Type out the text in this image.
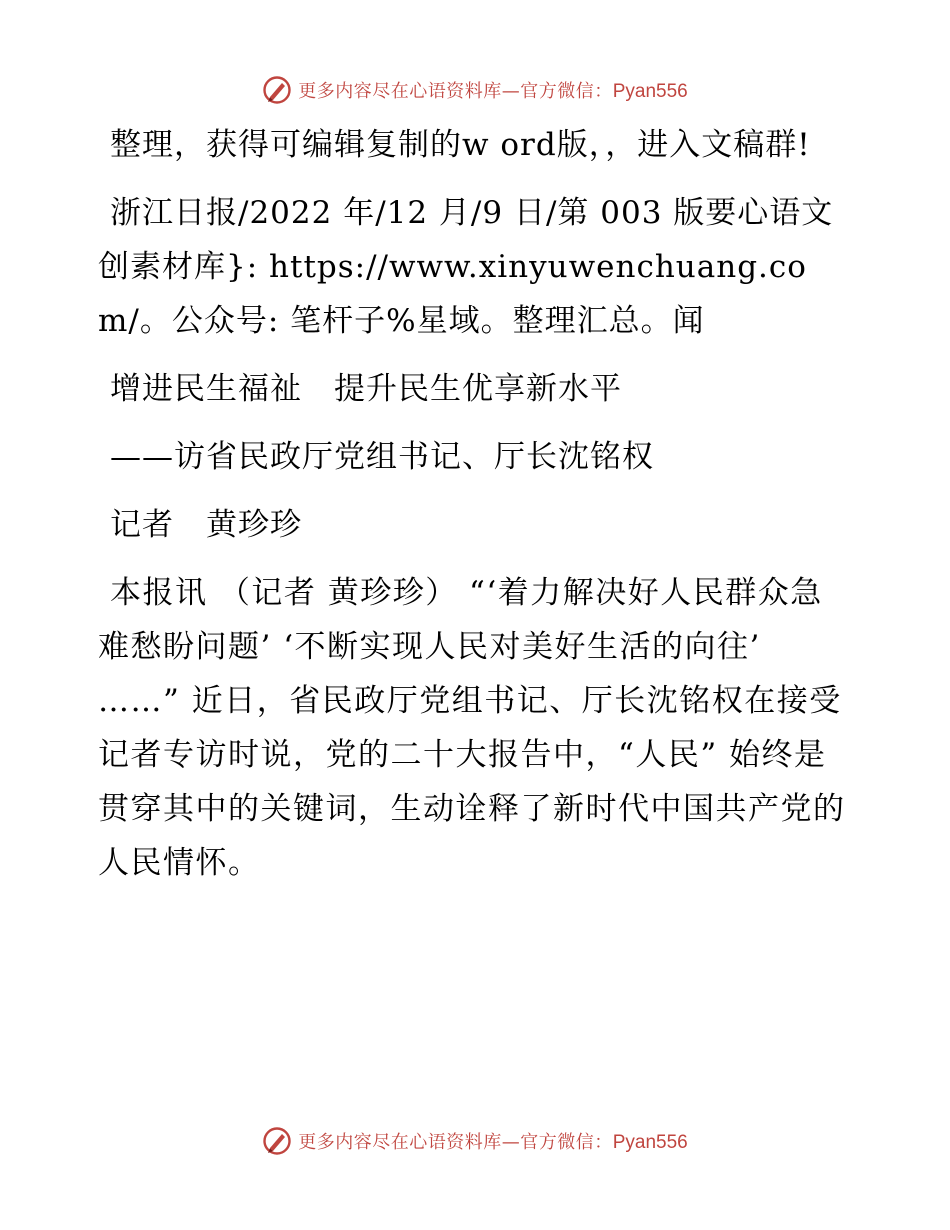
更多内容尽在心语资料库—官方微信：Pyan556

整理，获得可编辑复制的w ord版，，进入文稿群!

浙江日报/2022 年/12 月/9 日/第 003 版要心语文创素材库}: https://www.xinyuwenchuang.com/。公众号: 笔杆子%星域。整理汇总。闻

增进民生福祉　提升民生优享新水平

——访省民政厅党组书记、厅长沈铭权

记者　黄珍珍

本报讯 （记者 黄珍珍） “‘着力解决好人民群众急难愁盼问题’ ‘不断实现人民对美好生活的向往’ ……” 近日，省民政厅党组书记、厅长沈铭权在接受记者专访时说，党的二十大报告中，“人民” 始终是贯穿其中的关键词，生动诠释了新时代中国共产党的人民情怀。

更多内容尽在心语资料库—官方微信：Pyan556
